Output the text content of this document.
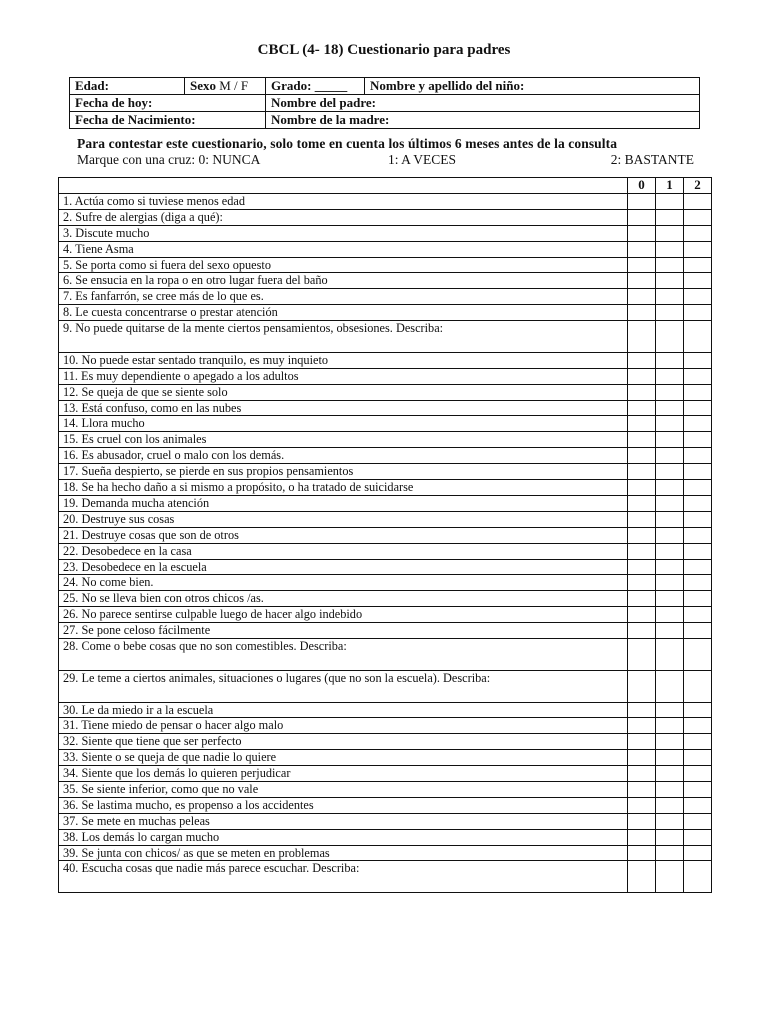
CBCL (4- 18) Cuestionario para padres
Edad:	Sexo M / F	Grado: _____	Nombre y apellido del niño:
Fecha de hoy:		Nombre del padre:	
Fecha de Nacimiento:		Nombre de la madre:	
Para contestar este cuestionario, solo tome en cuenta los últimos 6 meses antes de la consulta
Marque con una cruz: 0: NUNCA	1: A VECES	2: BASTANTE
	0	1	2
1. Actúa como si tuviese menos edad			
2. Sufre de alergias (diga a qué):			
3. Discute mucho			
4. Tiene Asma			
5. Se porta como si fuera del sexo opuesto			
6. Se ensucia en la ropa o en otro lugar fuera del baño			
7. Es fanfarrón, se cree más de lo que es.			
8. Le cuesta concentrarse o prestar atención			
9. No puede quitarse de la mente ciertos pensamientos, obsesiones. Describa:			
10. No puede estar sentado tranquilo, es muy inquieto			
11. Es muy dependiente o apegado a los adultos			
12. Se queja de que se siente solo			
13. Está confuso, como en las nubes			
14. Llora mucho			
15. Es cruel con los animales			
16. Es abusador, cruel o malo con los demás.			
17. Sueña despierto, se pierde en sus propios pensamientos			
18. Se ha hecho daño a si mismo a propósito, o ha tratado de suicidarse			
19. Demanda mucha atención			
20. Destruye sus cosas			
21. Destruye cosas que son de otros			
22. Desobedece en la casa			
23. Desobedece en la escuela			
24. No come bien.			
25. No se lleva bien con otros chicos /as.			
26. No parece sentirse culpable luego de hacer algo indebido			
27. Se pone celoso fácilmente			
28. Come o bebe cosas que no son comestibles. Describa:			
29. Le teme a ciertos animales, situaciones o lugares (que no son la escuela). Describa:			
30. Le da miedo ir a la escuela			
31. Tiene miedo de pensar o hacer algo malo			
32. Siente que tiene que ser perfecto			
33. Siente o se queja de que nadie lo quiere			
34. Siente que los demás lo quieren perjudicar			
35. Se siente inferior, como que no vale			
36. Se lastima mucho, es propenso a los accidentes			
37. Se mete en muchas peleas			
38. Los demás lo cargan mucho			
39. Se junta con chicos/ as que se meten en problemas			
40. Escucha cosas que nadie más parece escuchar. Describa:			
